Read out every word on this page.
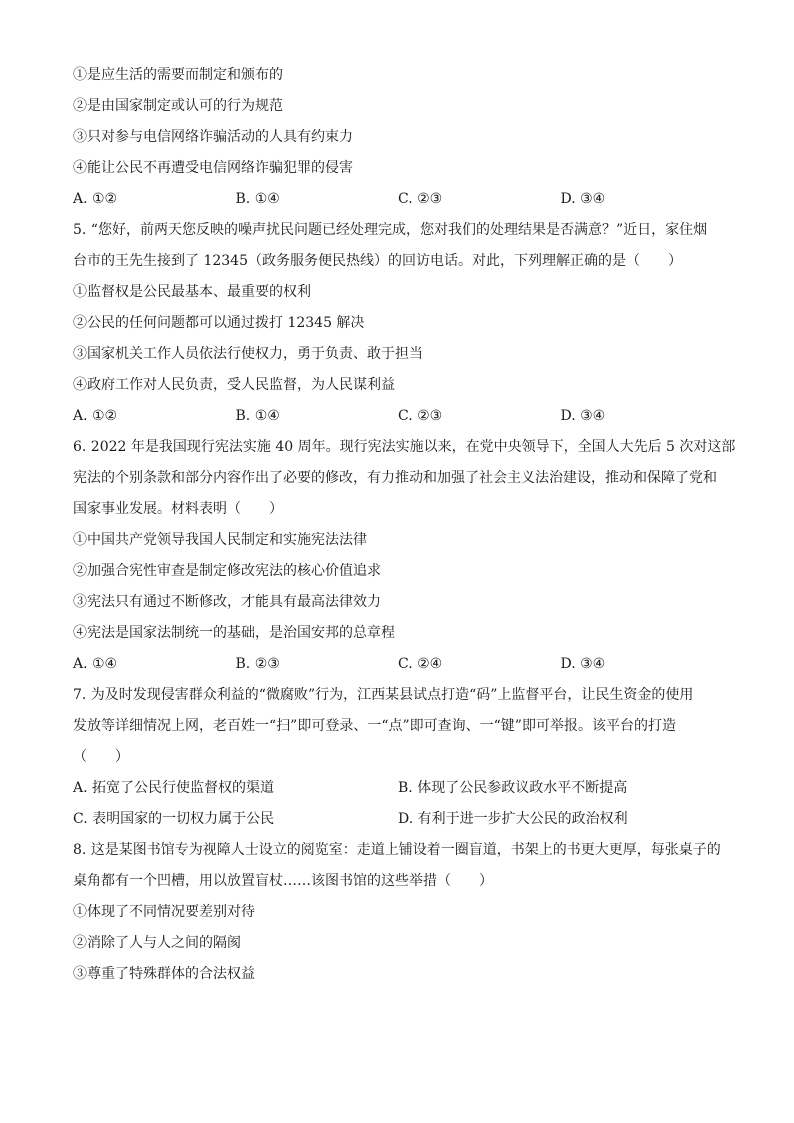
①是应生活的需要而制定和颁布的
②是由国家制定或认可的行为规范
③只对参与电信网络诈骗活动的人具有约束力
④能让公民不再遭受电信网络诈骗犯罪的侵害
A. ①②	B. ①④	C. ②③	D. ③④
5. “您好，前两天您反映的噪声扰民问题已经处理完成，您对我们的处理结果是否满意？”近日，家住烟
台市的王先生接到了 12345（政务服务便民热线）的回访电话。对此，下列理解正确的是（　　）
①监督权是公民最基本、最重要的权利
②公民的任何问题都可以通过拨打 12345 解决
③国家机关工作人员依法行使权力，勇于负责、敢于担当
④政府工作对人民负责，受人民监督，为人民谋利益
A. ①②	B. ①④	C. ②③	D. ③④
6. 2022 年是我国现行宪法实施 40 周年。现行宪法实施以来，在党中央领导下，全国人大先后 5 次对这部
宪法的个别条款和部分内容作出了必要的修改，有力推动和加强了社会主义法治建设，推动和保障了党和
国家事业发展。材料表明（　　）
①中国共产党领导我国人民制定和实施宪法法律
②加强合宪性审查是制定修改宪法的核心价值追求
③宪法只有通过不断修改，才能具有最高法律效力
④宪法是国家法制统一的基础，是治国安邦的总章程
A. ①④	B. ②③	C. ②④	D. ③④
7. 为及时发现侵害群众利益的“微腐败”行为，江西某县试点打造“码”上监督平台，让民生资金的使用
发放等详细情况上网，老百姓一“扫”即可登录、一“点”即可查询、一“键”即可举报。该平台的打造
（　　）
A. 拓宽了公民行使监督权的渠道	B. 体现了公民参政议政水平不断提高
C. 表明国家的一切权力属于公民	D. 有利于进一步扩大公民的政治权利
8. 这是某图书馆专为视障人士设立的阅览室：走道上铺设着一圈盲道，书架上的书更大更厚，每张桌子的
桌角都有一个凹槽，用以放置盲杖……该图书馆的这些举措（　　）
①体现了不同情况要差别对待
②消除了人与人之间的隔阂
③尊重了特殊群体的合法权益
